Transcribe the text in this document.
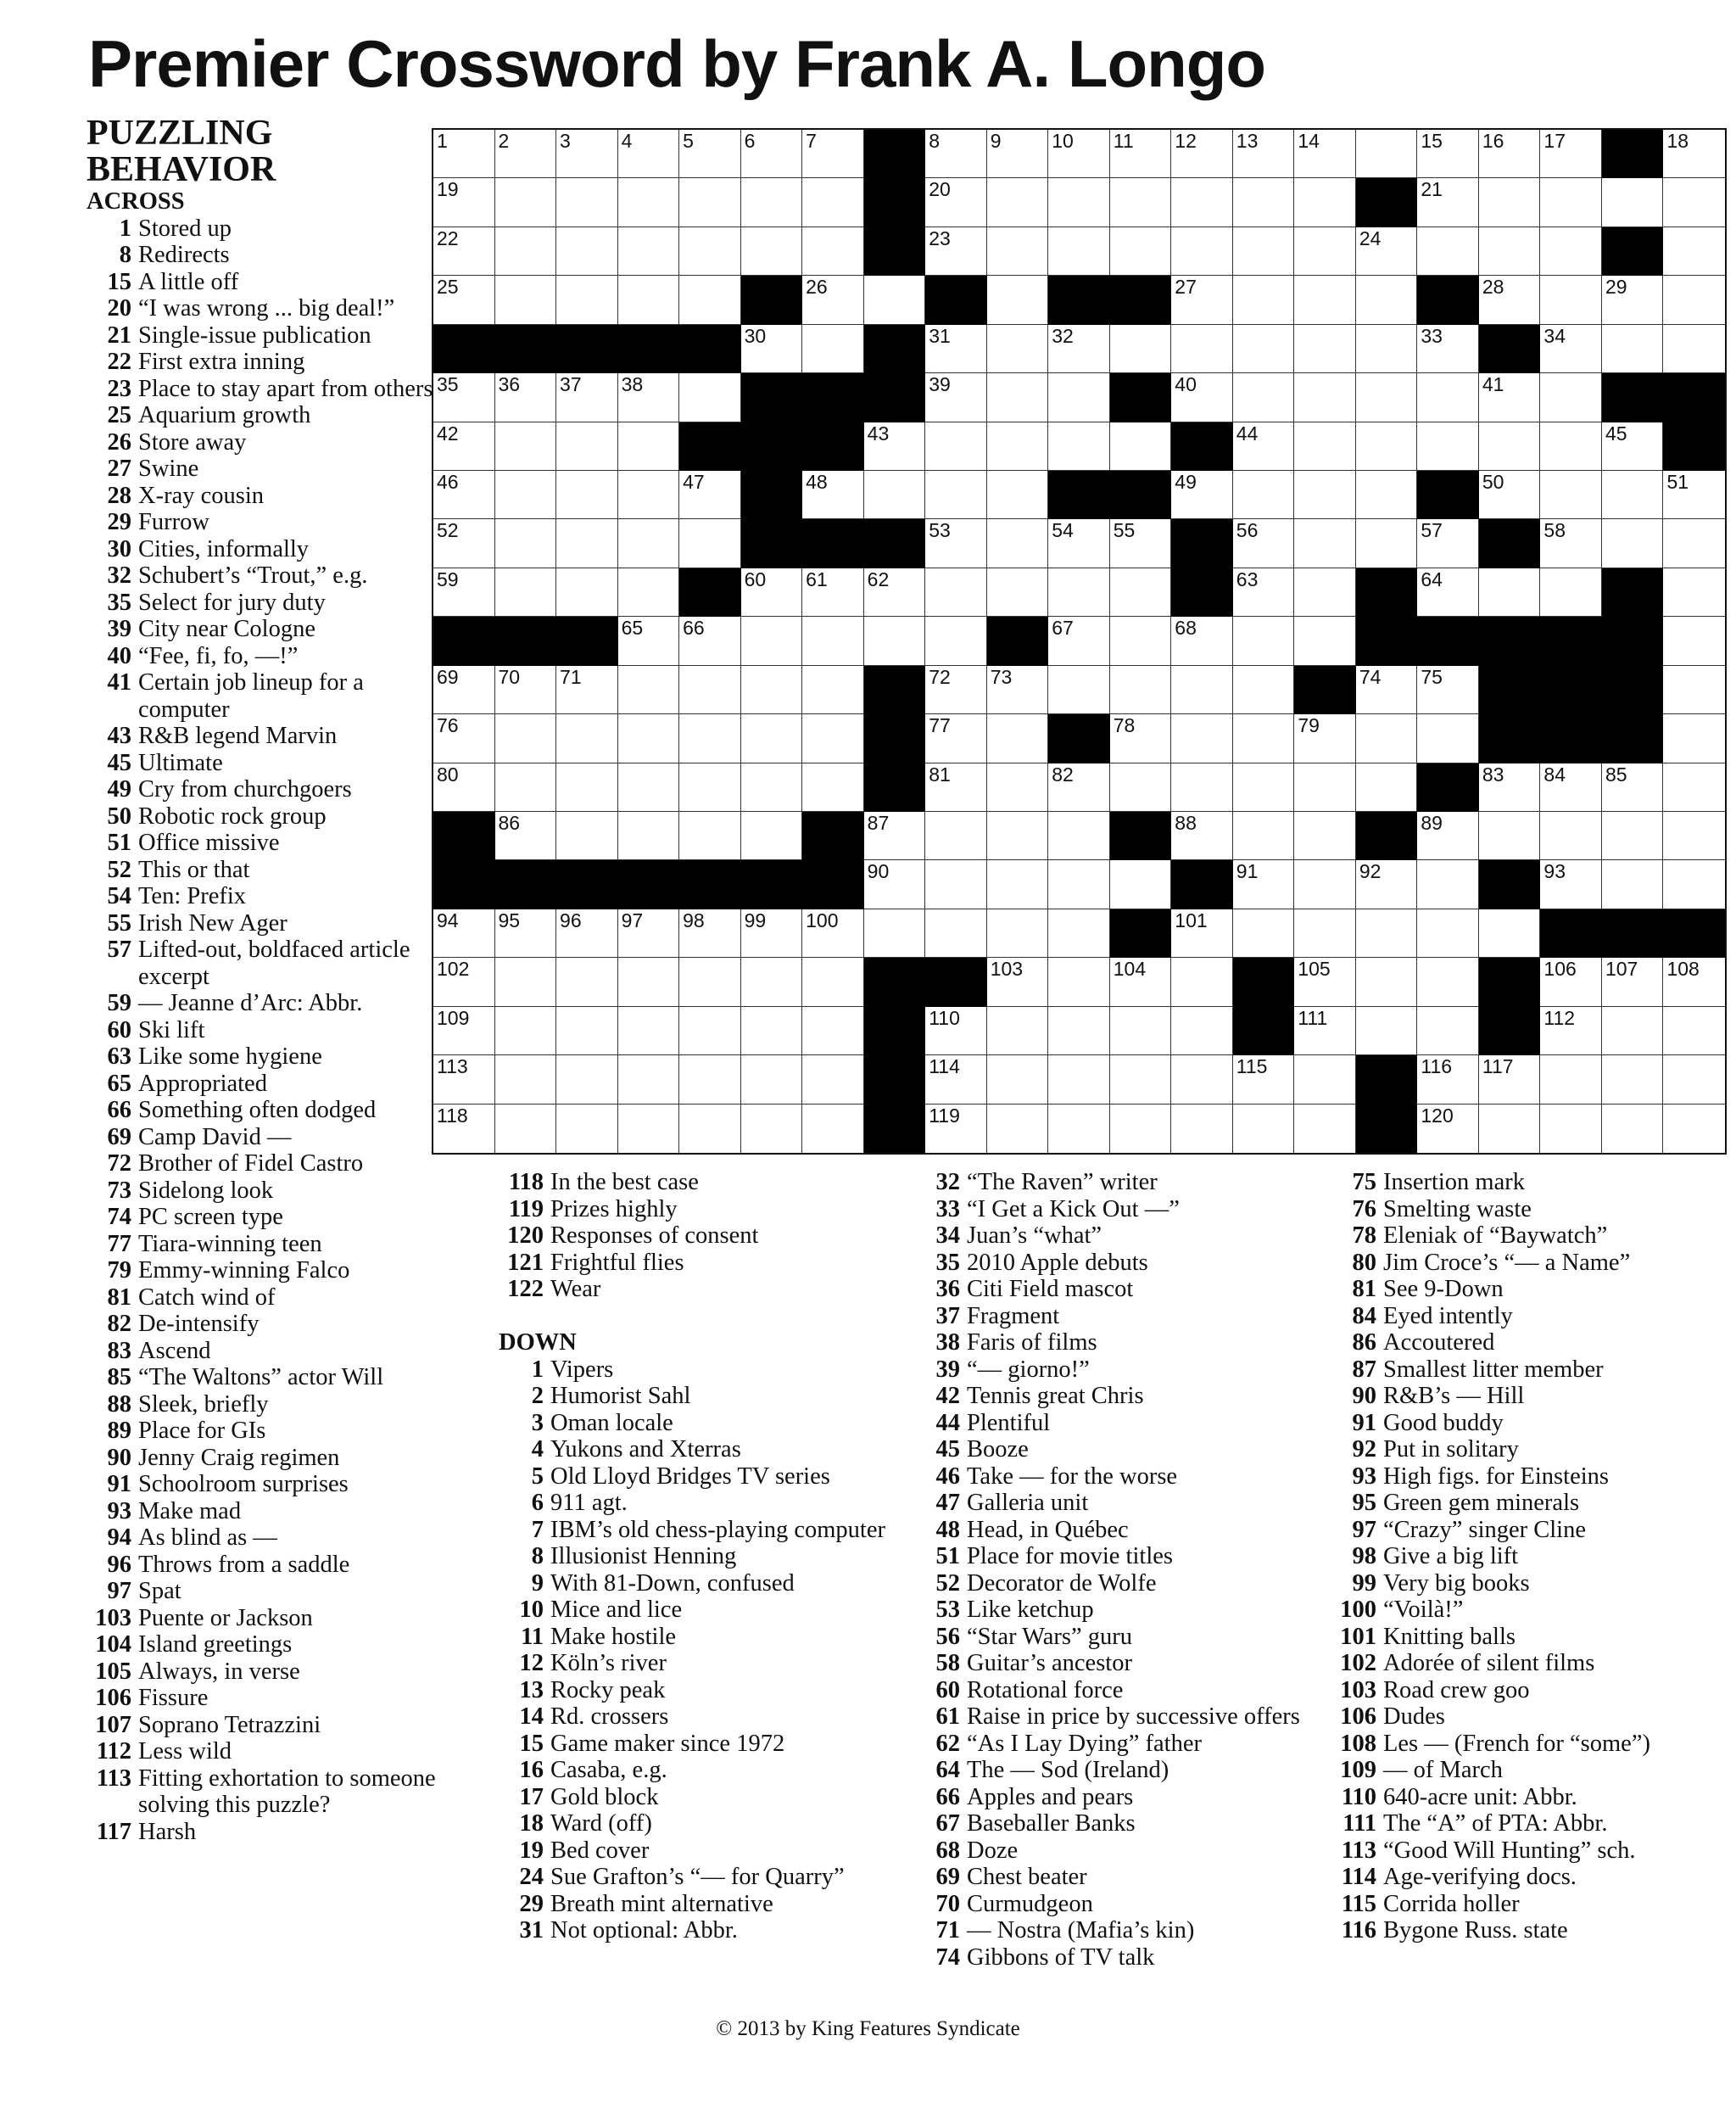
Premier Crossword by Frank A. Longo
PUZZLING BEHAVIOR
ACROSS
1 Stored up
8 Redirects
15 A little off
20 “I was wrong ... big deal!”
21 Single-issue publication
22 First extra inning
23 Place to stay apart from others
25 Aquarium growth
26 Store away
27 Swine
28 X-ray cousin
29 Furrow
30 Cities, informally
32 Schubert’s “Trout,” e.g.
35 Select for jury duty
39 City near Cologne
40 “Fee, fi, fo, —!”
41 Certain job lineup for a computer
43 R&B legend Marvin
45 Ultimate
49 Cry from churchgoers
50 Robotic rock group
51 Office missive
52 This or that
54 Ten: Prefix
55 Irish New Ager
57 Lifted-out, boldfaced article excerpt
59 — Jeanne d’Arc: Abbr.
60 Ski lift
63 Like some hygiene
65 Appropriated
66 Something often dodged
69 Camp David —
72 Brother of Fidel Castro
73 Sidelong look
74 PC screen type
77 Tiara-winning teen
79 Emmy-winning Falco
81 Catch wind of
82 De-intensify
83 Ascend
85 “The Waltons” actor Will
88 Sleek, briefly
89 Place for GIs
90 Jenny Craig regimen
91 Schoolroom surprises
93 Make mad
94 As blind as —
96 Throws from a saddle
97 Spat
103 Puente or Jackson
104 Island greetings
105 Always, in verse
106 Fissure
107 Soprano Tetrazzini
112 Less wild
113 Fitting exhortation to someone solving this puzzle?
117 Harsh
118 In the best case
119 Prizes highly
120 Responses of consent
121 Frightful flies
122 Wear
DOWN
1 Vipers
2 Humorist Sahl
3 Oman locale
4 Yukons and Xterras
5 Old Lloyd Bridges TV series
6 911 agt.
7 IBM’s old chess-playing computer
8 Illusionist Henning
9 With 81-Down, confused
10 Mice and lice
11 Make hostile
12 Köln’s river
13 Rocky peak
14 Rd. crossers
15 Game maker since 1972
16 Casaba, e.g.
17 Gold block
18 Ward (off)
19 Bed cover
24 Sue Grafton’s “— for Quarry”
29 Breath mint alternative
31 Not optional: Abbr.
32 “The Raven” writer
33 “I Get a Kick Out —”
34 Juan’s “what”
35 2010 Apple debuts
36 Citi Field mascot
37 Fragment
38 Faris of films
39 “— giorno!”
42 Tennis great Chris
44 Plentiful
45 Booze
46 Take — for the worse
47 Galleria unit
48 Head, in Québec
51 Place for movie titles
52 Decorator de Wolfe
53 Like ketchup
56 “Star Wars” guru
58 Guitar’s ancestor
60 Rotational force
61 Raise in price by successive offers
62 “As I Lay Dying” father
64 The — Sod (Ireland)
66 Apples and pears
67 Baseballer Banks
68 Doze
69 Chest beater
70 Curmudgeon
71 — Nostra (Mafia’s kin)
74 Gibbons of TV talk
75 Insertion mark
76 Smelting waste
78 Eleniak of “Baywatch”
80 Jim Croce’s “— a Name”
81 See 9-Down
84 Eyed intently
86 Accoutered
87 Smallest litter member
90 R&B’s — Hill
91 Good buddy
92 Put in solitary
93 High figs. for Einsteins
95 Green gem minerals
97 “Crazy” singer Cline
98 Give a big lift
99 Very big books
100 “Voilà!”
101 Knitting balls
102 Adorée of silent films
103 Road crew goo
106 Dudes
108 Les — (French for “some”)
109 — of March
110 640-acre unit: Abbr.
111 The “A” of PTA: Abbr.
113 “Good Will Hunting” sch.
114 Age-verifying docs.
115 Corrida holler
116 Bygone Russ. state
1	2	3	4	5	6	7	8	9	10 11 12 13 14	15 16 17	18
19	20	21
22	23	24
25	26	27	28	29
30	31	32	33	34
35 36 37 38	39	40	41
42	43	44	45
46	47	48	49	50	51
52	53	54 55	56	57	58
59	60 61 62	63	64
65 66	67	68
69 70 71	72 73	74 75
76	77	78	79
80	81	82	83 84 85
86	87	88	89
90	91	92	93
94 95 96 97 98 99 100	101
102	103	104	105	106 107 108
109	110	111	112
113	114	115	116 117
118	119	120
© 2013 by King Features Syndicate
